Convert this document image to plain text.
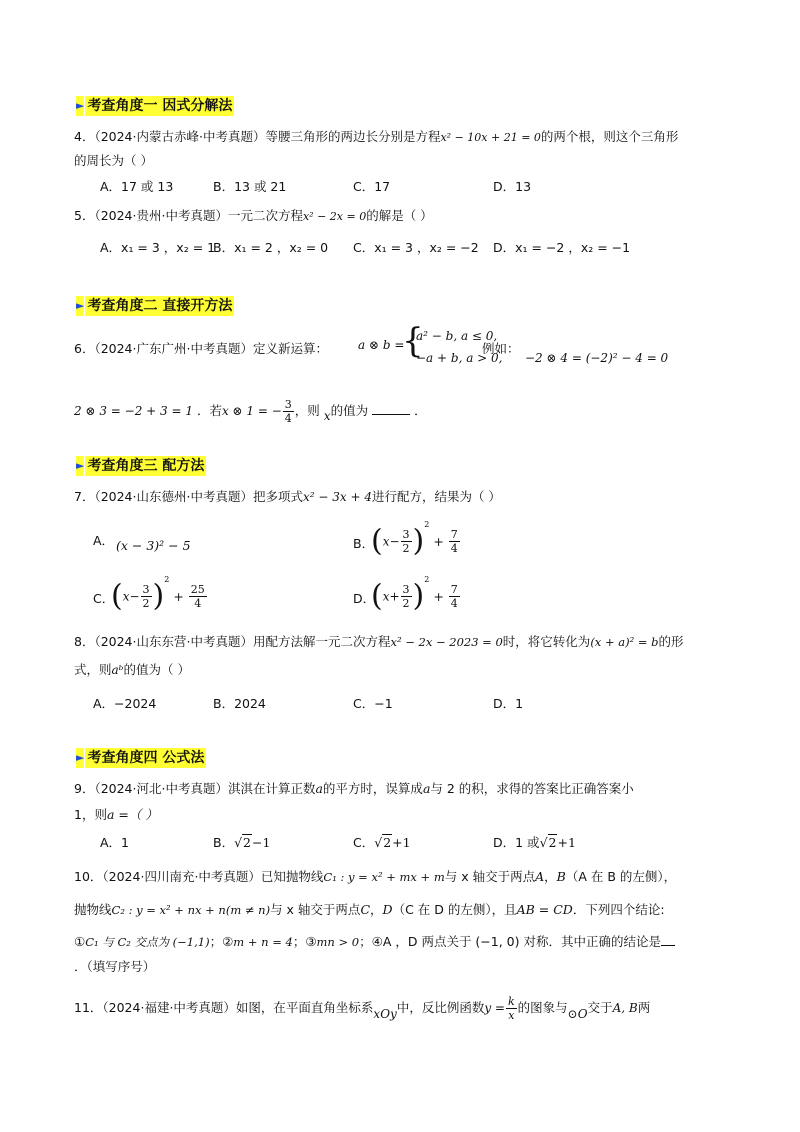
► 考查角度一 因式分解法
4．（2024·内蒙古赤峰·中考真题）等腰三角形的两边长分别是方程x² − 10x + 21 = 0的两个根，则这个三角形
的周长为（ ）
A．17 或 13	B．13 或 21	C．17	D．13
5．（2024·贵州·中考真题）一元二次方程x² − 2x = 0的解是（ ）
A．x₁ = 3 ，x₂ = 1
B．x₁ = 2 ，x₂ = 0 C．x₁ = 3 ，x₂ = −2 D．x₁ = −2 ，x₂ = −1
► 考查角度二 直接开方法
6．（2024·广东广州·中考真题）定义新运算：	a ⊗ b =
{
a² − b, a ≤ 0,
−a + b, a > 0,
例如：
−2 ⊗ 4 = (−2)² − 4 = 0
2 ⊗ 3 = −2 + 3 = 1 ．若x ⊗ 1 = − $\frac{3}{4}$ ，则 x的值为	．
► 考查角度三 配方法
7．（2024·山东德州·中考真题）把多项式x² − 3x + 4进行配方，结果为（ ）
A． (x − 3)² − 5	B．
$(x- \frac{3}{2} )^2 + \frac{7}{4}$
C．
$(x- \frac{3}{2} )^2 + \frac{25}{4}$	D．
$(x+ \frac{3}{2} )^2 + \frac{7}{4}$
8．（2024·山东东营·中考真题）用配方法解一元二次方程x² − 2x − 2023 = 0时，将它转化为(x + a)² = b的形
式，则aᵇ的值为（ ）
A．−2024	B．2024	C．−1	D．1
► 考查角度四 公式法
9．（2024·河北·中考真题）淇淇在计算正数a的平方时，误算成a与 2 的积，求得的答案比正确答案小
1，则a =（ ）
A．1	B．√2−1	C．√2+1	D．1 或√2+1
10．（2024·四川南充·中考真题）已知抛物线C₁ : y = x² + mx + m与 x 轴交于两点A，B（A 在 B 的左侧），
抛物线C₂ : y = x² + nx + n(m ≠ n)与 x 轴交于两点C，D（C 在 D 的左侧），且AB = CD．下列四个结论:
①C₁ 与 C₂ 交点为 (−1,1)；②m + n = 4；③mn > 0；④A ，D 两点关于 (−1, 0) 对称．其中正确的结论是
．（填写序号）
11．（2024·福建·中考真题）如图，在平面直角坐标系xOy中，反比例函数$y = \frac{k}{x}$ 的图象与⊙O交于A, B两
